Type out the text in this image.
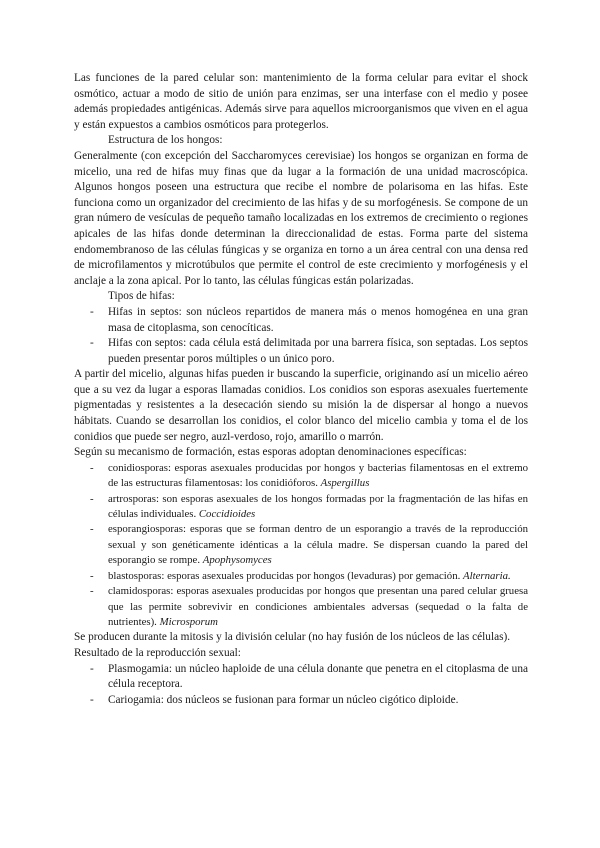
Las funciones de la pared celular son: mantenimiento de la forma celular para evitar el shock osmótico, actuar a modo de sitio de unión para enzimas, ser una interfase con el medio y posee además propiedades antigénicas. Además sirve para aquellos microorganismos que viven en el agua y están expuestos a cambios osmóticos para protegerlos.

Estructura de los hongos:

Generalmente (con excepción del Saccharomyces cerevisiae) los hongos se organizan en forma de micelio, una red de hifas muy finas que da lugar a la formación de una unidad macroscópica. Algunos hongos poseen una estructura que recibe el nombre de polarisoma en las hifas. Este funciona como un organizador del crecimiento de las hifas y de su morfogénesis. Se compone de un gran número de vesículas de pequeño tamaño localizadas en los extremos de crecimiento o regiones apicales de las hifas donde determinan la direccionalidad de estas. Forma parte del sistema endomembranoso de las células fúngicas y se organiza en torno a un área central con una densa red de microfilamentos y microtúbulos que permite el control de este crecimiento y morfogénesis y el anclaje a la zona apical. Por lo tanto, las células fúngicas están polarizadas.

Tipos de hifas:

- Hifas in septos: son núcleos repartidos de manera más o menos homogénea en una gran masa de citoplasma, son cenocíticas.
- Hifas con septos: cada célula está delimitada por una barrera física, son septadas. Los septos pueden presentar poros múltiples o un único poro.

A partir del micelio, algunas hifas pueden ir buscando la superficie, originando así un micelio aéreo que a su vez da lugar a esporas llamadas conidios. Los conidios son esporas asexuales fuertemente pigmentadas y resistentes a la desecación siendo su misión la de dispersar al hongo a nuevos hábitats. Cuando se desarrollan los conidios, el color blanco del micelio cambia y toma el de los conidios que puede ser negro, auzl-verdoso, rojo, amarillo o marrón.

Según su mecanismo de formación, estas esporas adoptan denominaciones específicas:

- conidiosporas: esporas asexuales producidas por hongos y bacterias filamentosas en el extremo de las estructuras filamentosas: los conidióforos. Aspergillus
- artrosporas: son esporas asexuales de los hongos formadas por la fragmentación de las hifas en células individuales. Coccidioides
- esporangiosporas: esporas que se forman dentro de un esporangio a través de la reproducción sexual y son genéticamente idénticas a la célula madre. Se dispersan cuando la pared del esporangio se rompe. Apophysomyces
- blastosporas: esporas asexuales producidas por hongos (levaduras) por gemación. Alternaria.
- clamidosporas: esporas asexuales producidas por hongos que presentan una pared celular gruesa que las permite sobrevivir en condiciones ambientales adversas (sequedad o la falta de nutrientes). Microsporum

Se producen durante la mitosis y la división celular (no hay fusión de los núcleos de las células).

Resultado de la reproducción sexual:

- Plasmogamia: un núcleo haploide de una célula donante que penetra en el citoplasma de una célula receptora.
- Cariogamia: dos núcleos se fusionan para formar un núcleo cigótico diploide.
